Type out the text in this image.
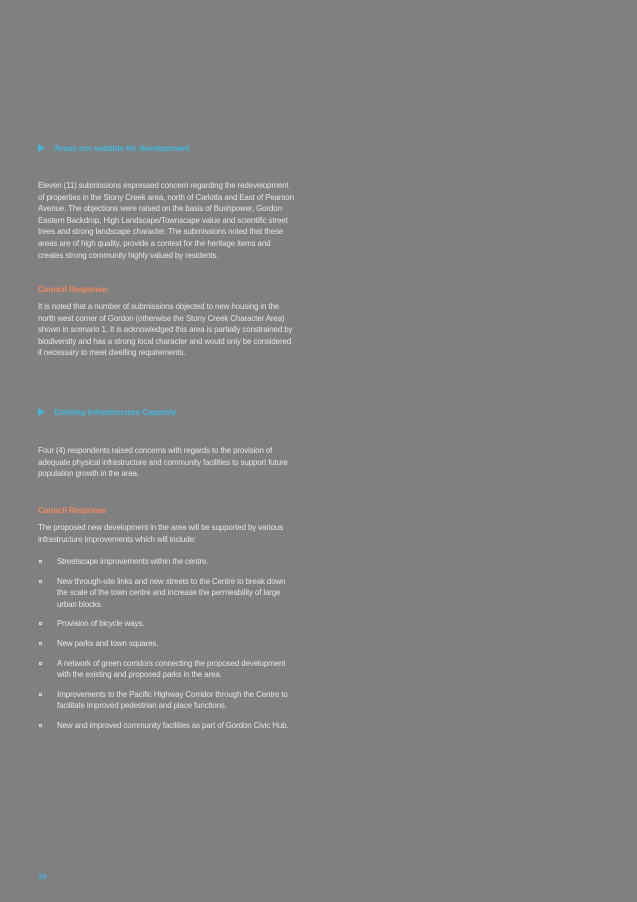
Areas not suitable for development

Eleven (11) submissions expressed concern regarding the redevelopment of properties in the Stony Creek area, north of Carlotta and East of Pearson Avenue. The objections were raised on the basis of Bushpower, Gordon Eastern Backdrop, High Landscape/Townscape value and scientific street trees and strong landscape character. The submissions noted that these areas are of high quality, provide a context for the heritage items and creates strong community highly valued by residents.

Council Response:

It is noted that a number of submissions objected to new housing in the north west corner of Gordon (otherwise the Stony Creek Character Area) shown in scenario 1. It is acknowledged this area is partially constrained by biodiversity and has a strong local character and would only be considered if necessary to meet dwelling requirements.

Existing Infrastructure Capacity

Four (4) respondents raised concerns with regards to the provision of adequate physical infrastructure and community facilities to support future population growth in the area.

Council Response

The proposed new development in the area will be supported by various infrastructure improvements which will include:

Streetscape improvements within the centre.
New through-site links and new streets to the Centre to break down the scale of the town centre and increase the permeability of large urban blocks.
Provision of bicycle ways.
New parks and town squares.
A network of green corridors connecting the proposed development with the existing and proposed parks in the area.
Improvements to the Pacific Highway Corridor through the Centre to facilitate improved pedestrian and place functions.
New and improved community facilities as part of Gordon Civic Hub.
18
